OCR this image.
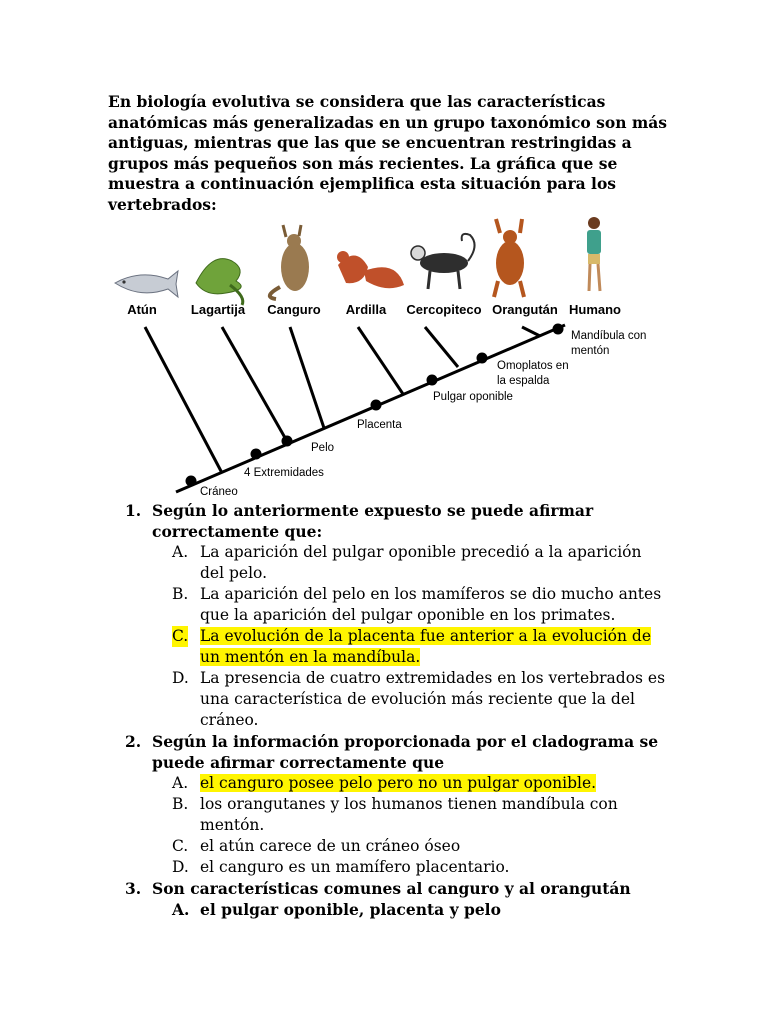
En biología evolutiva se considera que las características anatómicas más generalizadas en un grupo taxonómico son más antiguas, mientras que las que se encuentran restringidas a grupos más pequeños son más recientes. La gráfica que se muestra a continuación ejemplifica esta situación para los vertebrados:

Atún	Lagartija Canguro Ardilla Cercopiteco Orangután Humano
Cráneo
4 Extremidades
Pelo
Placenta
Pulgar oponible
Omoplatos en
la espalda
Mandíbula con
mentón
1. Según lo anteriormente expuesto se puede afirmar correctamente que:
A. La aparición del pulgar oponible precedió a la aparición del pelo.
B. La aparición del pelo en los mamíferos se dio mucho antes que la aparición del pulgar oponible en los primates.
C. La evolución de la placenta fue anterior a la evolución de un mentón en la mandíbula.
D. La presencia de cuatro extremidades en los vertebrados es una característica de evolución más reciente que la del cráneo.
2. Según la información proporcionada por el cladograma se puede afirmar correctamente que
A. el canguro posee pelo pero no un pulgar oponible.
B. los orangutanes y los humanos tienen mandíbula con mentón.
C. el atún carece de un cráneo óseo
D. el canguro es un mamífero placentario.
3. Son características comunes al canguro y al orangután
A. el pulgar oponible, placenta y pelo
